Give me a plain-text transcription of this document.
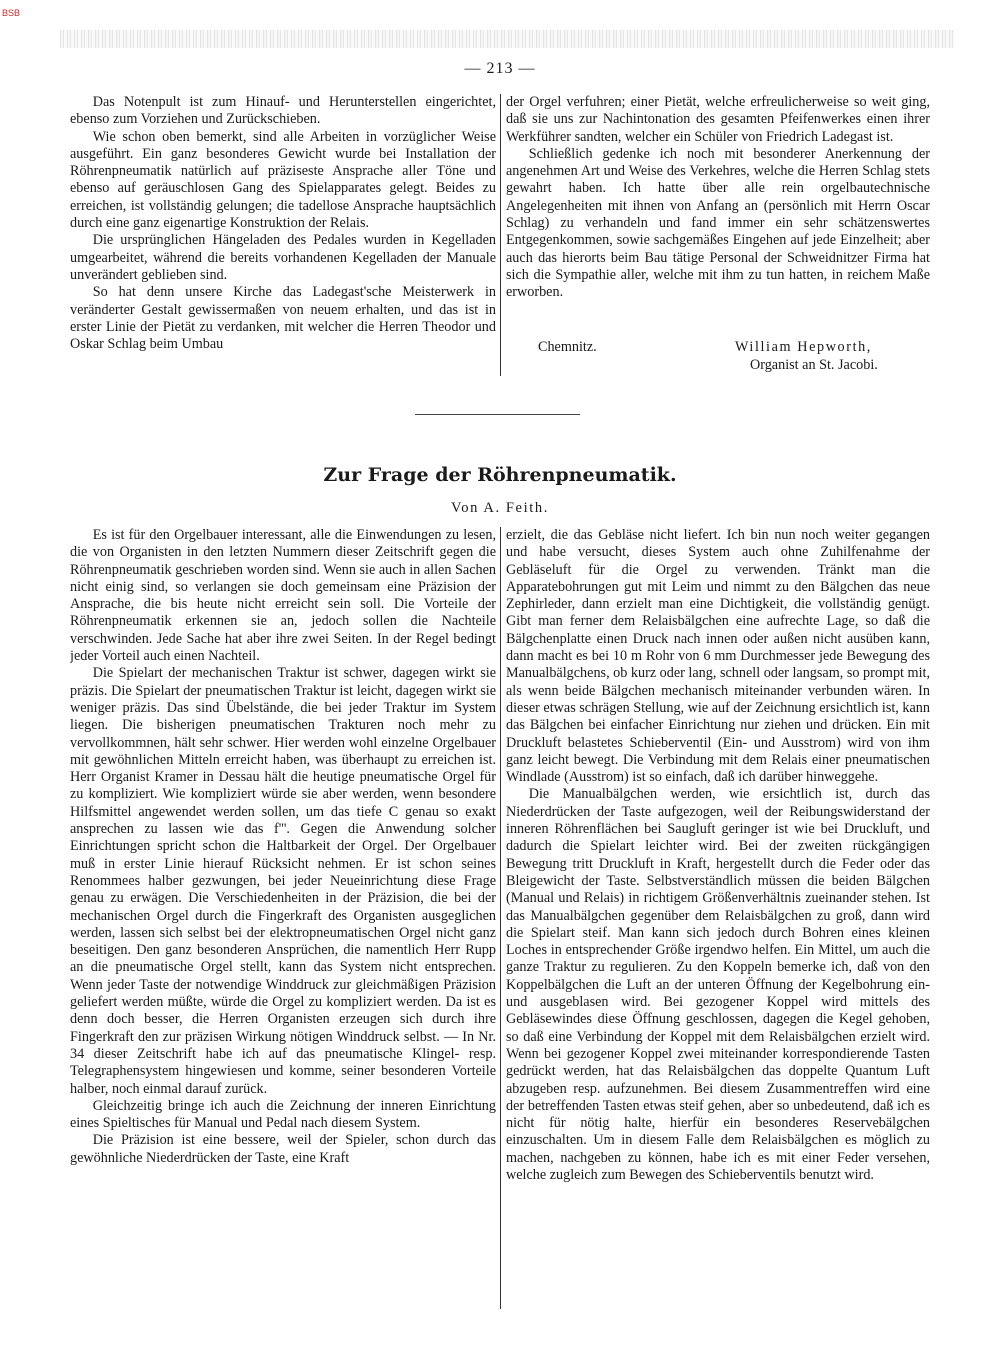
BSB
— 213 —

Das Notenpult ist zum Hinauf- und Herunterstellen eingerichtet, ebenso zum Vorziehen und Zurückschieben.

Wie schon oben bemerkt, sind alle Arbeiten in vorzüglicher Weise ausgeführt. Ein ganz besonderes Gewicht wurde bei Installation der Röhrenpneumatik natürlich auf präziseste Ansprache aller Töne und ebenso auf geräuschlosen Gang des Spielapparates gelegt. Beides zu erreichen, ist vollständig gelungen; die tadellose Ansprache hauptsächlich durch eine ganz eigenartige Konstruktion der Relais.

Die ursprünglichen Hängeladen des Pedales wurden in Kegelladen umgearbeitet, während die bereits vorhandenen Kegelladen der Manuale unverändert geblieben sind.

So hat denn unsere Kirche das Ladegast'sche Meisterwerk in veränderter Gestalt gewissermaßen von neuem erhalten, und das ist in erster Linie der Pietät zu verdanken, mit welcher die Herren Theodor und Oskar Schlag beim Umbau

der Orgel verfuhren; einer Pietät, welche erfreulicherweise so weit ging, daß sie uns zur Nachintonation des gesamten Pfeifenwerkes einen ihrer Werkführer sandten, welcher ein Schüler von Friedrich Ladegast ist.

Schließlich gedenke ich noch mit besonderer Anerkennung der angenehmen Art und Weise des Verkehres, welche die Herren Schlag stets gewahrt haben. Ich hatte über alle rein orgelbautechnische Angelegenheiten mit ihnen von Anfang an (persönlich mit Herrn Oscar Schlag) zu verhandeln und fand immer ein sehr schätzenswertes Entgegenkommen, sowie sachgemäßes Eingehen auf jede Einzelheit; aber auch das hierorts beim Bau tätige Personal der Schweidnitzer Firma hat sich die Sympathie aller, welche mit ihm zu tun hatten, in reichem Maße erworben.

Chemnitz.	William Hepworth,
Organist an St. Jacobi.
Zur Frage der Röhrenpneumatik.
Von A. Feith.

Es ist für den Orgelbauer interessant, alle die Einwendungen zu lesen, die von Organisten in den letzten Nummern dieser Zeitschrift gegen die Röhrenpneumatik geschrieben worden sind. Wenn sie auch in allen Sachen nicht einig sind, so verlangen sie doch gemeinsam eine Präzision der Ansprache, die bis heute nicht erreicht sein soll. Die Vorteile der Röhrenpneumatik erkennen sie an, jedoch sollen die Nachteile verschwinden. Jede Sache hat aber ihre zwei Seiten. In der Regel bedingt jeder Vorteil auch einen Nachteil.

Die Spielart der mechanischen Traktur ist schwer, dagegen wirkt sie präzis. Die Spielart der pneumatischen Traktur ist leicht, dagegen wirkt sie weniger präzis. Das sind Übelstände, die bei jeder Traktur im System liegen. Die bisherigen pneumatischen Trakturen noch mehr zu vervollkommnen, hält sehr schwer. Hier werden wohl einzelne Orgelbauer mit gewöhnlichen Mitteln erreicht haben, was überhaupt zu erreichen ist. Herr Organist Kramer in Dessau hält die heutige pneumatische Orgel für zu kompliziert. Wie kompliziert würde sie aber werden, wenn besondere Hilfsmittel angewendet werden sollen, um das tiefe C genau so exakt ansprechen zu lassen wie das f'''. Gegen die Anwendung solcher Einrichtungen spricht schon die Haltbarkeit der Orgel. Der Orgelbauer muß in erster Linie hierauf Rücksicht nehmen. Er ist schon seines Renommees halber gezwungen, bei jeder Neueinrichtung diese Frage genau zu erwägen. Die Verschiedenheiten in der Präzision, die bei der mechanischen Orgel durch die Fingerkraft des Organisten ausgeglichen werden, lassen sich selbst bei der elektropneumatischen Orgel nicht ganz beseitigen. Den ganz besonderen Ansprüchen, die namentlich Herr Rupp an die pneumatische Orgel stellt, kann das System nicht entsprechen. Wenn jeder Taste der notwendige Winddruck zur gleichmäßigen Präzision geliefert werden müßte, würde die Orgel zu kompliziert werden. Da ist es denn doch besser, die Herren Organisten erzeugen sich durch ihre Fingerkraft den zur präzisen Wirkung nötigen Winddruck selbst. — In Nr. 34 dieser Zeitschrift habe ich auf das pneumatische Klingel- resp. Telegraphensystem hingewiesen und komme, seiner besonderen Vorteile halber, noch einmal darauf zurück.

Gleichzeitig bringe ich auch die Zeichnung der inneren Einrichtung eines Spieltisches für Manual und Pedal nach diesem System.

Die Präzision ist eine bessere, weil der Spieler, schon durch das gewöhnliche Niederdrücken der Taste, eine Kraft

erzielt, die das Gebläse nicht liefert. Ich bin nun noch weiter gegangen und habe versucht, dieses System auch ohne Zuhilfenahme der Gebläseluft für die Orgel zu verwenden. Tränkt man die Apparatebohrungen gut mit Leim und nimmt zu den Bälgchen das neue Zephirleder, dann erzielt man eine Dichtigkeit, die vollständig genügt. Gibt man ferner dem Relaisbälgchen eine aufrechte Lage, so daß die Bälgchenplatte einen Druck nach innen oder außen nicht ausüben kann, dann macht es bei 10 m Rohr von 6 mm Durchmesser jede Bewegung des Manualbälgchens, ob kurz oder lang, schnell oder langsam, so prompt mit, als wenn beide Bälgchen mechanisch miteinander verbunden wären. In dieser etwas schrägen Stellung, wie auf der Zeichnung ersichtlich ist, kann das Bälgchen bei einfacher Einrichtung nur ziehen und drücken. Ein mit Druckluft belastetes Schieberventil (Ein- und Ausstrom) wird von ihm ganz leicht bewegt. Die Verbindung mit dem Relais einer pneumatischen Windlade (Ausstrom) ist so einfach, daß ich darüber hinweggehe.

Die Manualbälgchen werden, wie ersichtlich ist, durch das Niederdrücken der Taste aufgezogen, weil der Reibungswiderstand der inneren Röhrenflächen bei Saugluft geringer ist wie bei Druckluft, und dadurch die Spielart leichter wird. Bei der zweiten rückgängigen Bewegung tritt Druckluft in Kraft, hergestellt durch die Feder oder das Bleigewicht der Taste. Selbstverständlich müssen die beiden Bälgchen (Manual und Relais) in richtigem Größenverhältnis zueinander stehen. Ist das Manualbälgchen gegenüber dem Relaisbälgchen zu groß, dann wird die Spielart steif. Man kann sich jedoch durch Bohren eines kleinen Loches in entsprechender Größe irgendwo helfen. Ein Mittel, um auch die ganze Traktur zu regulieren. Zu den Koppeln bemerke ich, daß von den Koppelbälgchen die Luft an der unteren Öffnung der Kegelbohrung ein- und ausgeblasen wird. Bei gezogener Koppel wird mittels des Gebläsewindes diese Öffnung geschlossen, dagegen die Kegel gehoben, so daß eine Verbindung der Koppel mit dem Relaisbälgchen erzielt wird. Wenn bei gezogener Koppel zwei miteinander korrespondierende Tasten gedrückt werden, hat das Relaisbälgchen das doppelte Quantum Luft abzugeben resp. aufzunehmen. Bei diesem Zusammentreffen wird eine der betreffenden Tasten etwas steif gehen, aber so unbedeutend, daß ich es nicht für nötig halte, hierfür ein besonderes Reservebälgchen einzuschalten. Um in diesem Falle dem Relaisbälgchen es möglich zu machen, nachgeben zu können, habe ich es mit einer Feder versehen, welche zugleich zum Bewegen des Schieberventils benutzt wird.
